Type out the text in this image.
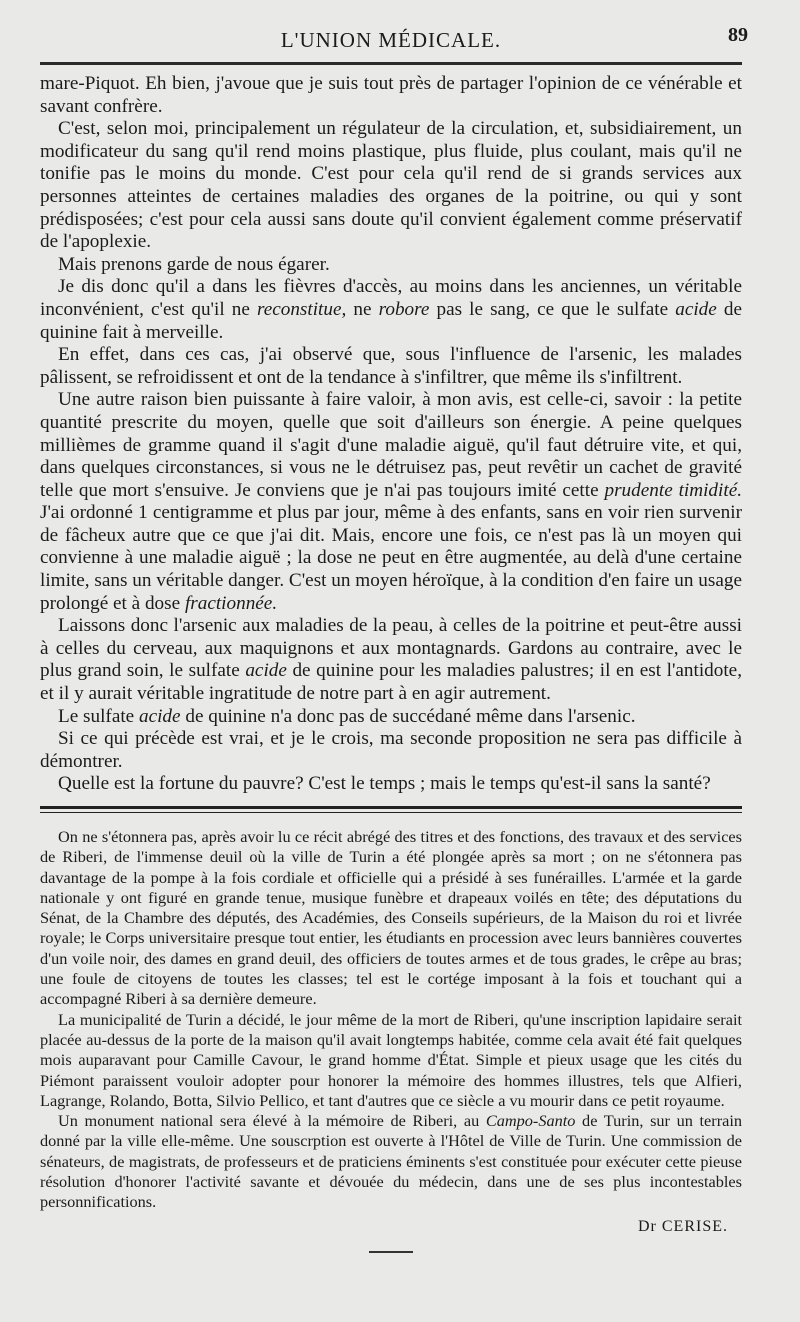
L'UNION MÉDICALE.	89

mare-Piquot. Eh bien, j'avoue que je suis tout près de partager l'opinion de ce vénérable et savant confrère.

C'est, selon moi, principalement un régulateur de la circulation, et, subsidiairement, un modificateur du sang qu'il rend moins plastique, plus fluide, plus coulant, mais qu'il ne tonifie pas le moins du monde. C'est pour cela qu'il rend de si grands services aux personnes atteintes de certaines maladies des organes de la poitrine, ou qui y sont prédisposées; c'est pour cela aussi sans doute qu'il convient également comme préservatif de l'apoplexie.

Mais prenons garde de nous égarer.

Je dis donc qu'il a dans les fièvres d'accès, au moins dans les anciennes, un véritable inconvénient, c'est qu'il ne reconstitue, ne robore pas le sang, ce que le sulfate acide de quinine fait à merveille.

En effet, dans ces cas, j'ai observé que, sous l'influence de l'arsenic, les malades pâlissent, se refroidissent et ont de la tendance à s'infiltrer, que même ils s'infiltrent.

Une autre raison bien puissante à faire valoir, à mon avis, est celle-ci, savoir : la petite quantité prescrite du moyen, quelle que soit d'ailleurs son énergie. A peine quelques millièmes de gramme quand il s'agit d'une maladie aiguë, qu'il faut détruire vite, et qui, dans quelques circonstances, si vous ne le détruisez pas, peut revêtir un cachet de gravité telle que mort s'ensuive. Je conviens que je n'ai pas toujours imité cette prudente timidité. J'ai ordonné 1 centigramme et plus par jour, même à des enfants, sans en voir rien survenir de fâcheux autre que ce que j'ai dit. Mais, encore une fois, ce n'est pas là un moyen qui convienne à une maladie aiguë ; la dose ne peut en être augmentée, au delà d'une certaine limite, sans un véritable danger. C'est un moyen héroïque, à la condition d'en faire un usage prolongé et à dose fractionnée.

Laissons donc l'arsenic aux maladies de la peau, à celles de la poitrine et peut-être aussi à celles du cerveau, aux maquignons et aux montagnards. Gardons au contraire, avec le plus grand soin, le sulfate acide de quinine pour les maladies palustres; il en est l'antidote, et il y aurait véritable ingratitude de notre part à en agir autrement.

Le sulfate acide de quinine n'a donc pas de succédané même dans l'arsenic.

Si ce qui précède est vrai, et je le crois, ma seconde proposition ne sera pas difficile à démontrer.

Quelle est la fortune du pauvre? C'est le temps ; mais le temps qu'est-il sans la santé?

On ne s'étonnera pas, après avoir lu ce récit abrégé des titres et des fonctions, des travaux et des services de Riberi, de l'immense deuil où la ville de Turin a été plongée après sa mort ; on ne s'étonnera pas davantage de la pompe à la fois cordiale et officielle qui a présidé à ses funérailles. L'armée et la garde nationale y ont figuré en grande tenue, musique funèbre et drapeaux voilés en tête; des députations du Sénat, de la Chambre des députés, des Académies, des Conseils supérieurs, de la Maison du roi et livrée royale; le Corps universitaire presque tout entier, les étudiants en procession avec leurs bannières couvertes d'un voile noir, des dames en grand deuil, des officiers de toutes armes et de tous grades, le crêpe au bras; une foule de citoyens de toutes les classes; tel est le cortége imposant à la fois et touchant qui a accompagné Riberi à sa dernière demeure.

La municipalité de Turin a décidé, le jour même de la mort de Riberi, qu'une inscription lapidaire serait placée au-dessus de la porte de la maison qu'il avait longtemps habitée, comme cela avait été fait quelques mois auparavant pour Camille Cavour, le grand homme d'État. Simple et pieux usage que les cités du Piémont paraissent vouloir adopter pour honorer la mémoire des hommes illustres, tels que Alfieri, Lagrange, Rolando, Botta, Silvio Pellico, et tant d'autres que ce siècle a vu mourir dans ce petit royaume.

Un monument national sera élevé à la mémoire de Riberi, au Campo-Santo de Turin, sur un terrain donné par la ville elle-même. Une souscrption est ouverte à l'Hôtel de Ville de Turin. Une commission de sénateurs, de magistrats, de professeurs et de praticiens éminents s'est constituée pour exécuter cette pieuse résolution d'honorer l'activité savante et dévouée du médecin, dans une de ses plus incontestables personnifications.

Dr CERISE.
